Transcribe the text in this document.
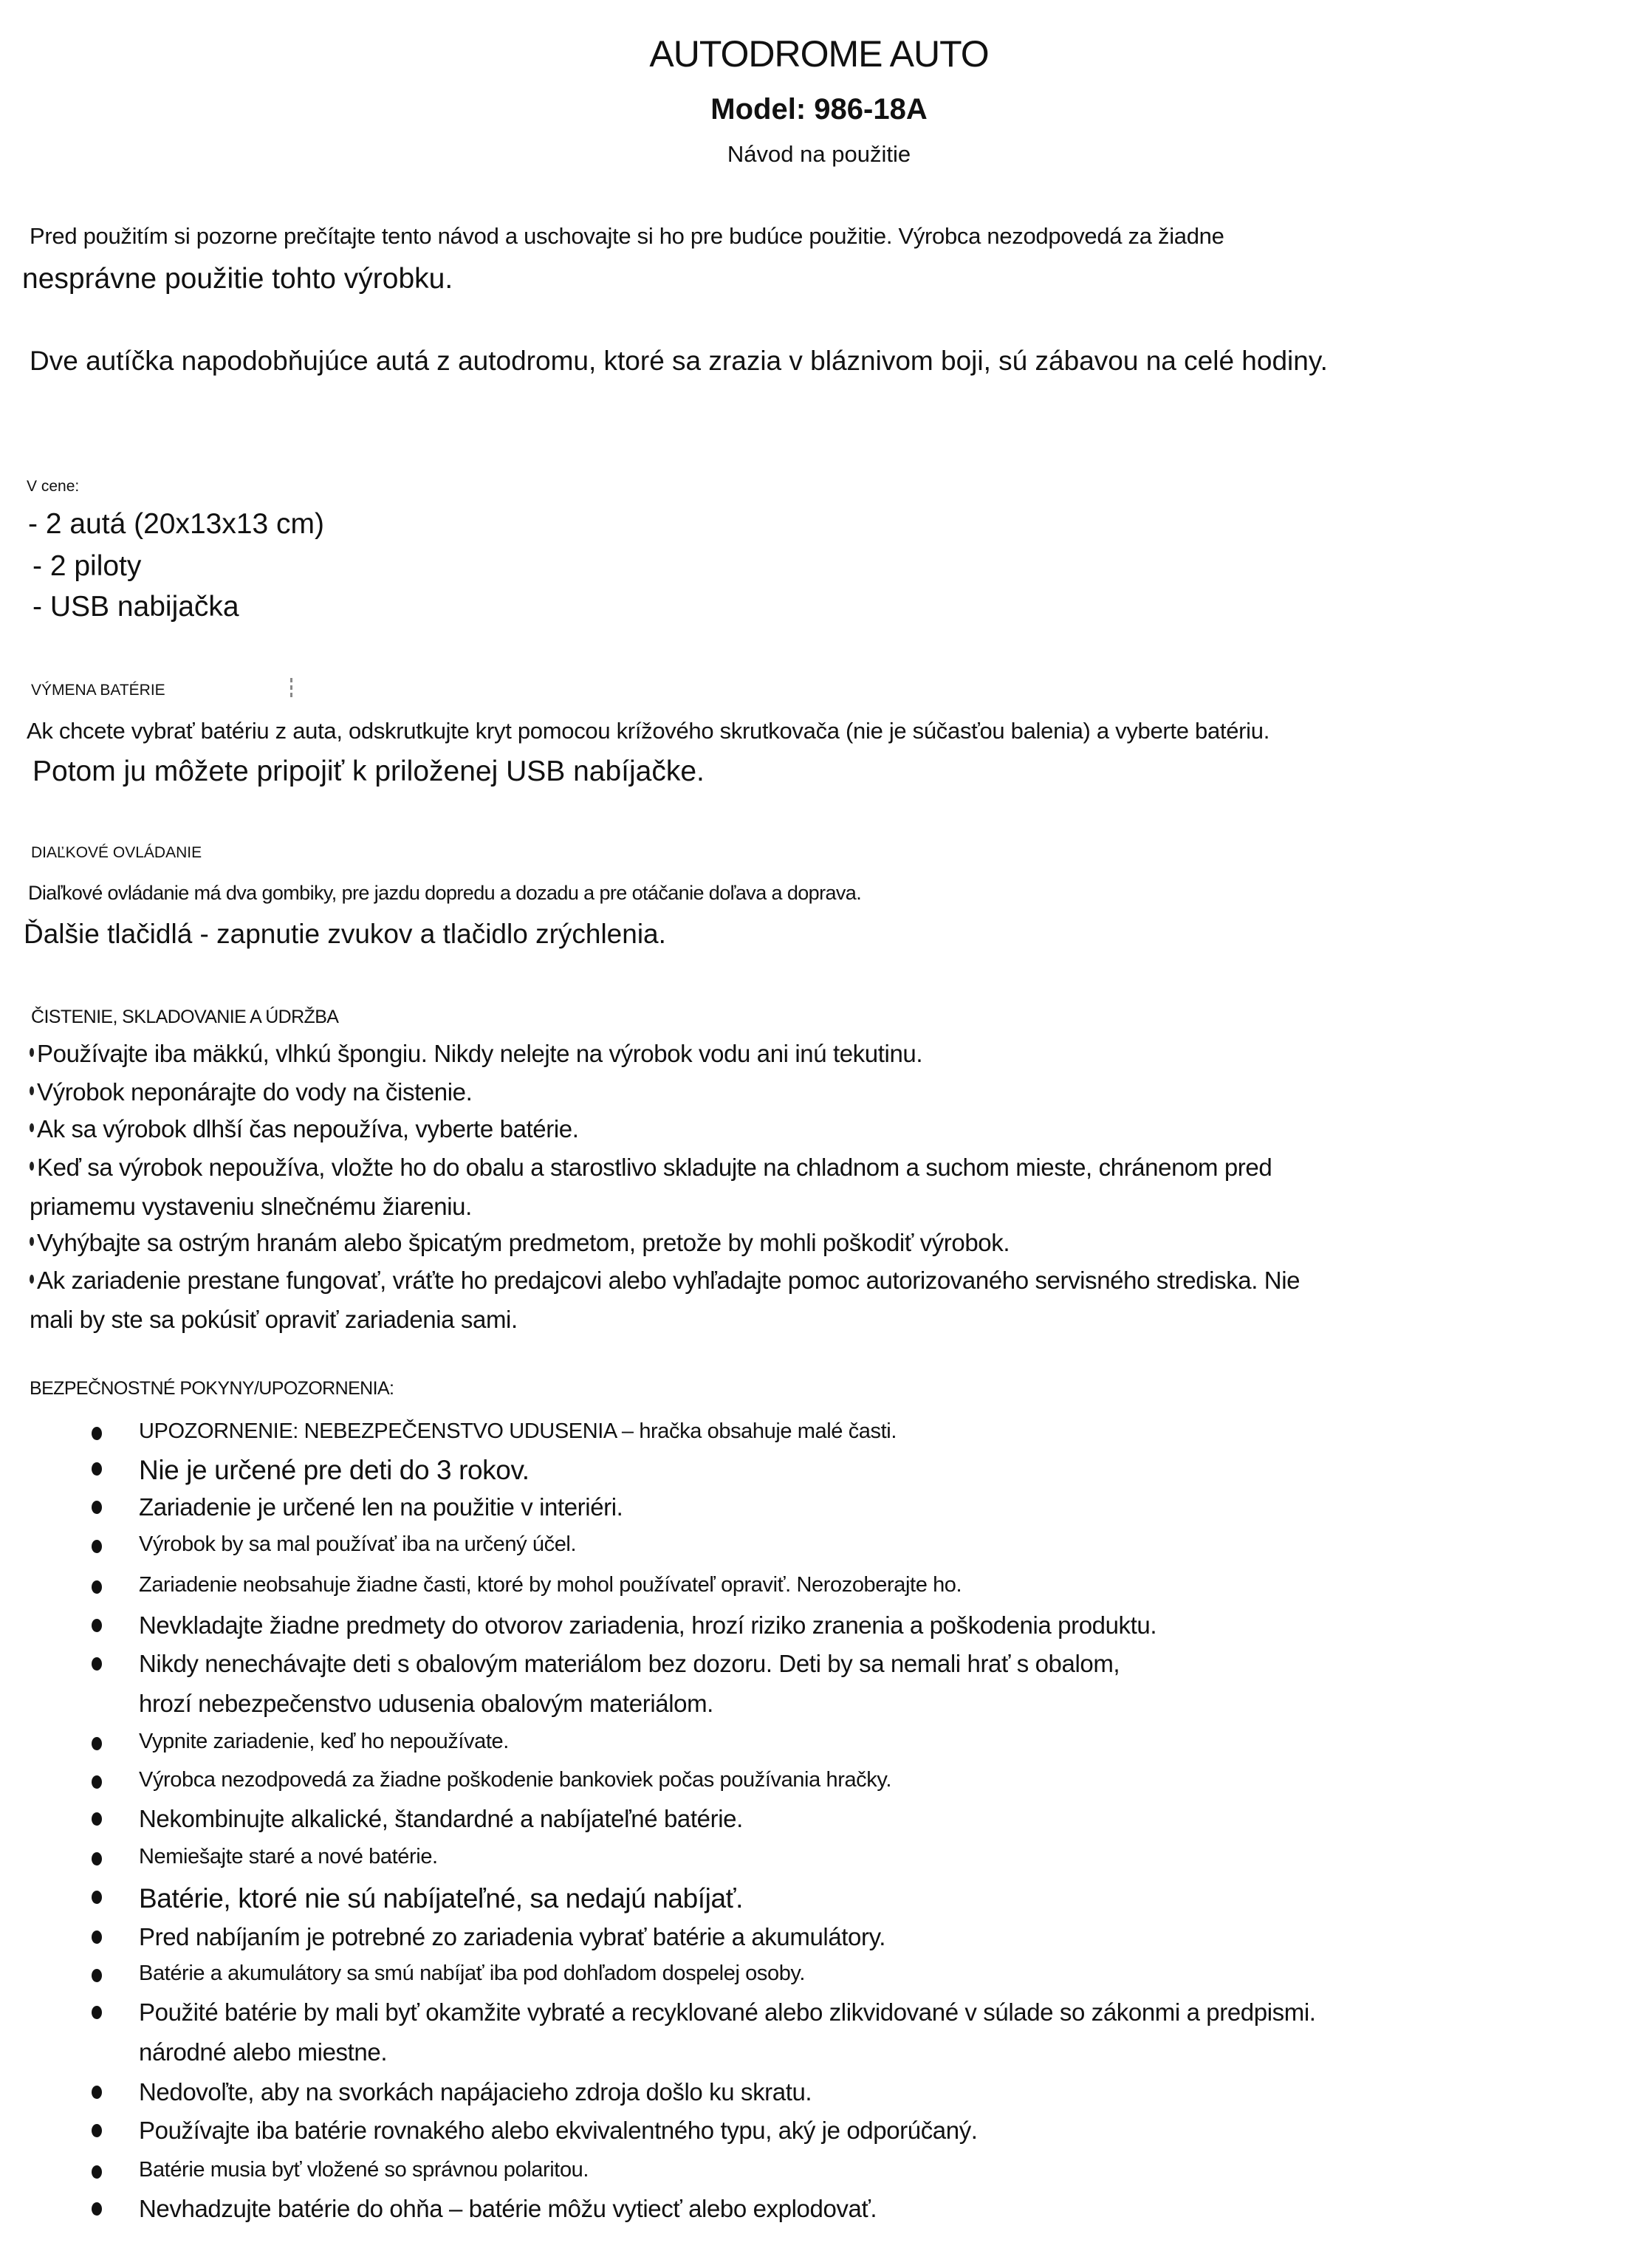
AUTODROME AUTO
Model: 986-18A
Návod na použitie
Pred použitím si pozorne prečítajte tento návod a uschovajte si ho pre budúce použitie. Výrobca nezodpovedá za žiadne
nesprávne použitie tohto výrobku.
Dve autíčka napodobňujúce autá z autodromu, ktoré sa zrazia v bláznivom boji, sú zábavou na celé hodiny.
V cene:
- 2 autá (20x13x13 cm)
- 2 piloty
- USB nabijačka
VÝMENA BATÉRIE
Ak chcete vybrať batériu z auta, odskrutkujte kryt pomocou krížového skrutkovača (nie je súčasťou balenia) a vyberte batériu.
Potom ju môžete pripojiť k priloženej USB nabíjačke.
DIAĽKOVÉ OVLÁDANIE
Diaľkové ovládanie má dva gombiky, pre jazdu dopredu a dozadu a pre otáčanie doľava a doprava.
Ďalšie tlačidlá - zapnutie zvukov a tlačidlo zrýchlenia.
ČISTENIE, SKLADOVANIE A ÚDRŽBA
Používajte iba mäkkú, vlhkú špongiu. Nikdy nelejte na výrobok vodu ani inú tekutinu.
Výrobok neponárajte do vody na čistenie.
Ak sa výrobok dlhší čas nepoužíva, vyberte batérie.
Keď sa výrobok nepoužíva, vložte ho do obalu a starostlivo skladujte na chladnom a suchom mieste, chránenom pred
priamemu vystaveniu slnečnému žiareniu.
Vyhýbajte sa ostrým hranám alebo špicatým predmetom, pretože by mohli poškodiť výrobok.
Ak zariadenie prestane fungovať, vráťte ho predajcovi alebo vyhľadajte pomoc autorizovaného servisného strediska. Nie
mali by ste sa pokúsiť opraviť zariadenia sami.
BEZPEČNOSTNÉ POKYNY/UPOZORNENIA:
UPOZORNENIE: NEBEZPEČENSTVO UDUSENIA – hračka obsahuje malé časti.
Nie je určené pre deti do 3 rokov.
Zariadenie je určené len na použitie v interiéri.
Výrobok by sa mal používať iba na určený účel.
Zariadenie neobsahuje žiadne časti, ktoré by mohol používateľ opraviť. Nerozoberajte ho.
Nevkladajte žiadne predmety do otvorov zariadenia, hrozí riziko zranenia a poškodenia produktu.
Nikdy nenechávajte deti s obalovým materiálom bez dozoru. Deti by sa nemali hrať s obalom,
hrozí nebezpečenstvo udusenia obalovým materiálom.
Vypnite zariadenie, keď ho nepoužívate.
Výrobca nezodpovedá za žiadne poškodenie bankoviek počas používania hračky.
Nekombinujte alkalické, štandardné a nabíjateľné batérie.
Nemiešajte staré a nové batérie.
Batérie, ktoré nie sú nabíjateľné, sa nedajú nabíjať.
Pred nabíjaním je potrebné zo zariadenia vybrať batérie a akumulátory.
Batérie a akumulátory sa smú nabíjať iba pod dohľadom dospelej osoby.
Použité batérie by mali byť okamžite vybraté a recyklované alebo zlikvidované v súlade so zákonmi a predpismi.
národné alebo miestne.
Nedovoľte, aby na svorkách napájacieho zdroja došlo ku skratu.
Používajte iba batérie rovnakého alebo ekvivalentného typu, aký je odporúčaný.
Batérie musia byť vložené so správnou polaritou.
Nevhadzujte batérie do ohňa – batérie môžu vytiecť alebo explodovať.
